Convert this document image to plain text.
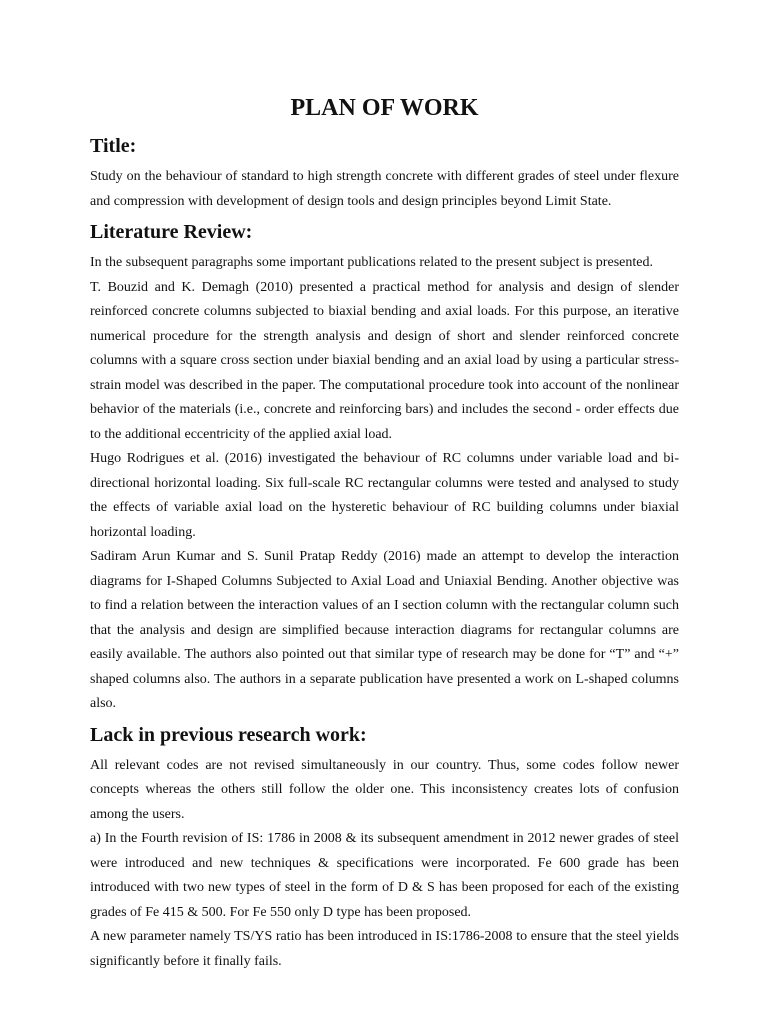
PLAN OF WORK
Title:

Study on the behaviour of standard to high strength concrete with different grades of steel under flexure and compression with development of design tools and design principles beyond Limit State.

Literature Review:

In the subsequent paragraphs some important publications related to the present subject is presented.

T. Bouzid and K. Demagh (2010) presented a practical method for analysis and design of slender reinforced concrete columns subjected to biaxial bending and axial loads. For this purpose, an iterative numerical procedure for the strength analysis and design of short and slender reinforced concrete columns with a square cross section under biaxial bending and an axial load by using a particular stress-strain model was described in the paper. The computational procedure took into account of the nonlinear behavior of the materials (i.e., concrete and reinforcing bars) and includes the second - order effects due to the additional eccentricity of the applied axial load.

Hugo Rodrigues et al. (2016) investigated the behaviour of RC columns under variable load and bi-directional horizontal loading. Six full-scale RC rectangular columns were tested and analysed to study the effects of variable axial load on the hysteretic behaviour of RC building columns under biaxial horizontal loading.

Sadiram Arun Kumar and S. Sunil Pratap Reddy (2016) made an attempt to develop the interaction diagrams for I-Shaped Columns Subjected to Axial Load and Uniaxial Bending. Another objective was to find a relation between the interaction values of an I section column with the rectangular column such that the analysis and design are simplified because interaction diagrams for rectangular columns are easily available. The authors also pointed out that similar type of research may be done for “T” and “+” shaped columns also. The authors in a separate publication have presented a work on L-shaped columns also.

Lack in previous research work:

All relevant codes are not revised simultaneously in our country. Thus, some codes follow newer concepts whereas the others still follow the older one. This inconsistency creates lots of confusion among the users.

a) In the Fourth revision of IS: 1786 in 2008 & its subsequent amendment in 2012 newer grades of steel were introduced and new techniques & specifications were incorporated. Fe 600 grade has been introduced with two new types of steel in the form of D & S has been proposed for each of the existing grades of Fe 415 & 500. For Fe 550 only D type has been proposed.

A new parameter namely TS/YS ratio has been introduced in IS:1786-2008 to ensure that the steel yields significantly before it finally fails.
